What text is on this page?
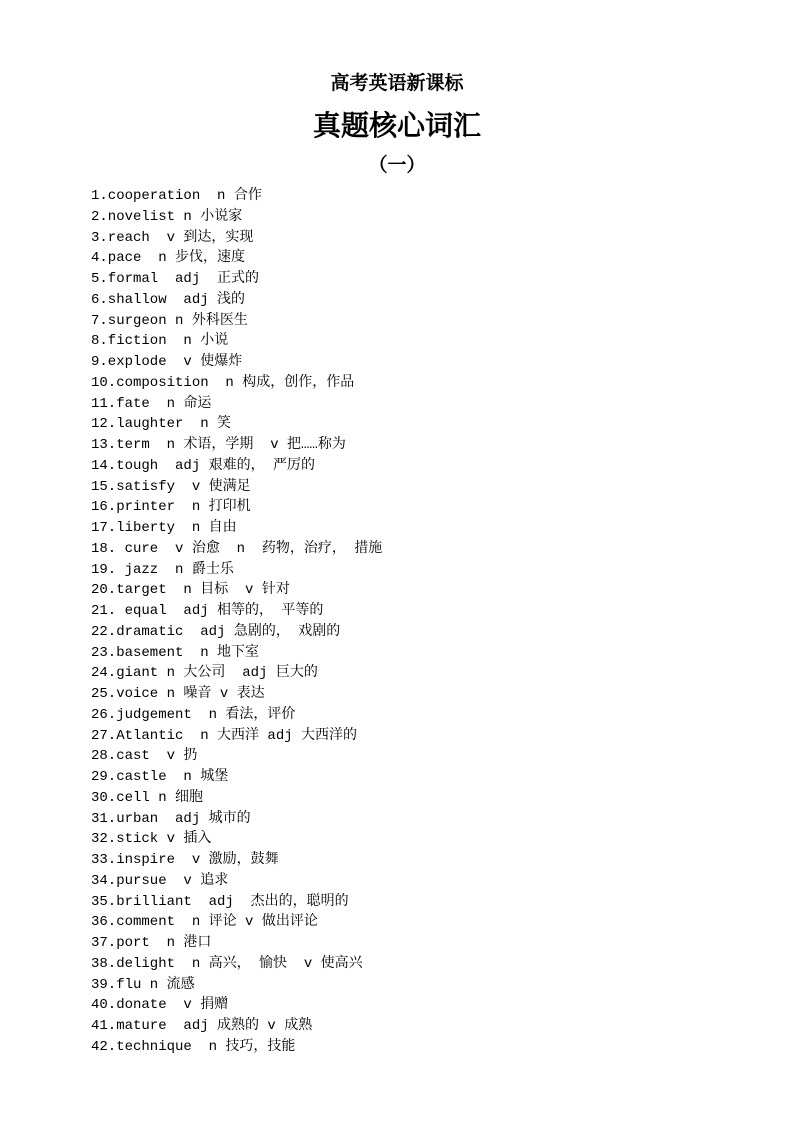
高考英语新课标
真题核心词汇
（一）
1.cooperation  n 合作
2.novelist n 小说家
3.reach  v 到达，实现
4.pace  n 步伐，速度
5.formal  adj  正式的
6.shallow  adj 浅的
7.surgeon n 外科医生
8.fiction  n 小说
9.explode  v 使爆炸
10.composition  n 构成，创作，作品
11.fate  n 命运
12.laughter  n 笑
13.term  n 术语，学期  v 把……称为
14.tough  adj 艰难的， 严厉的
15.satisfy  v 使满足
16.printer  n 打印机
17.liberty  n 自由
18. cure  v 治愈  n  药物，治疗， 措施
19. jazz  n 爵士乐
20.target  n 目标  v 针对
21. equal  adj 相等的， 平等的
22.dramatic  adj 急剧的， 戏剧的
23.basement  n 地下室
24.giant n 大公司  adj 巨大的
25.voice n 噪音 v 表达
26.judgement  n 看法，评价
27.Atlantic  n 大西洋 adj 大西洋的
28.cast  v 扔
29.castle  n 城堡
30.cell n 细胞
31.urban  adj 城市的
32.stick v 插入
33.inspire  v 激励，鼓舞
34.pursue  v 追求
35.brilliant  adj  杰出的，聪明的
36.comment  n 评论 v 做出评论
37.port  n 港口
38.delight  n 高兴， 愉快  v 使高兴
39.flu n 流感
40.donate  v 捐赠
41.mature  adj 成熟的 v 成熟
42.technique  n 技巧，技能
